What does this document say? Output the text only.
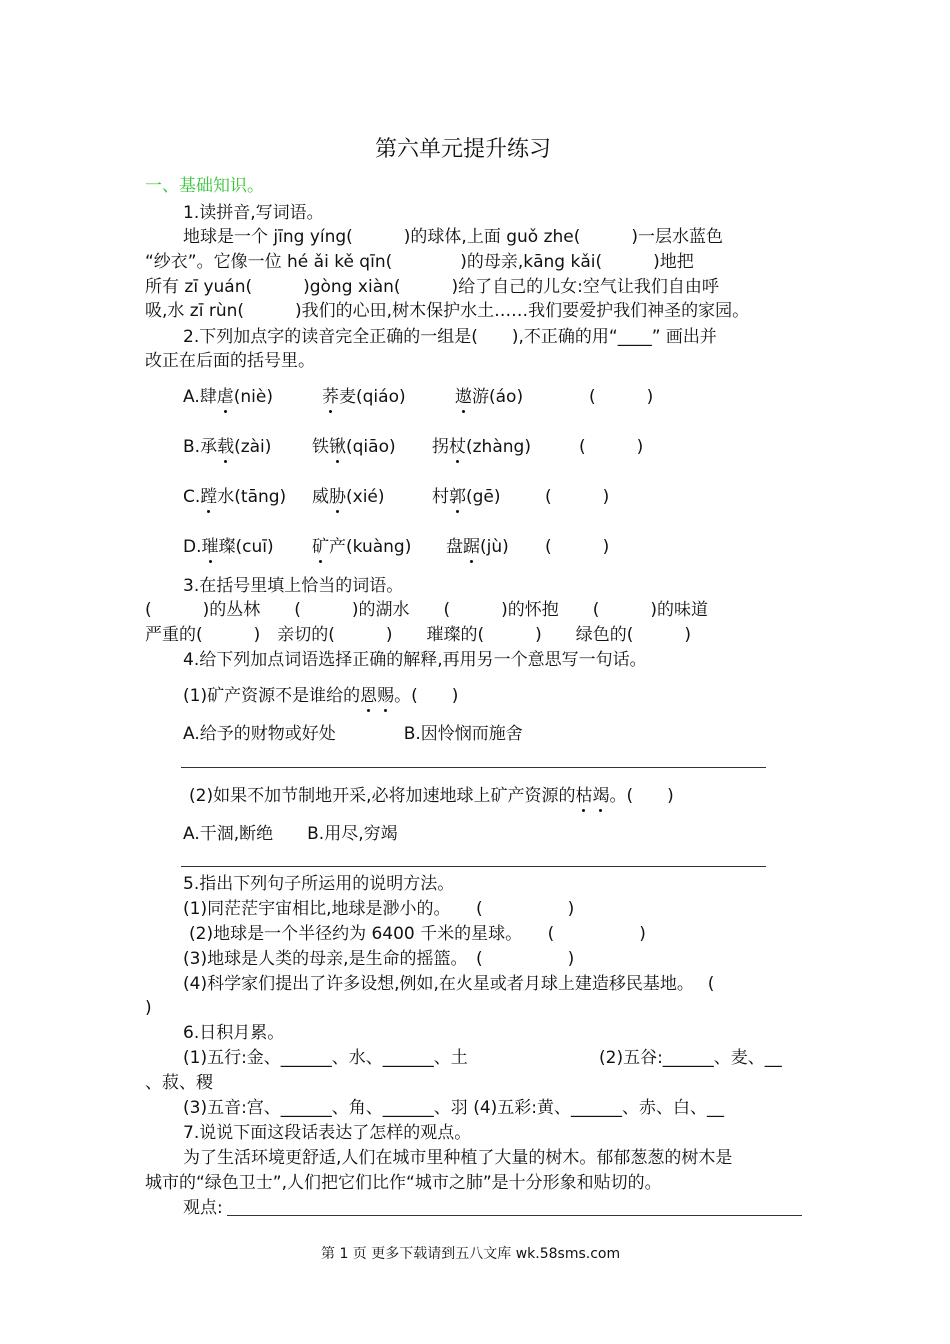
第六单元提升练习
一、基础知识。
1.读拼音,写词语。
地球是一个 jīng yíng(　　　)的球体,上面 guǒ zhe(　　　)一层水蓝色
“纱衣”。它像一位 hé ǎi kě qīn(　　　　)的母亲,kāng kǎi(　　　)地把
所有 zī yuán(　　　)gòng xiàn(　　　)给了自己的儿女:空气让我们自由呼
吸,水 zī rùn(　　　)我们的心田,树木保护水土……我们要爱护我们神圣的家园。
2.下列加点字的读音完全正确的一组是(　　),不正确的用“____” 画出并
改正在后面的括号里。
A.肆虐(niè)	荞麦(qiáo)	遨游(áo)	(　　　)
B.承载(zài) 铁锹(qiāo) 拐杖(zhàng)	(　　　)
C.蹚水(tāng) 威胁(xié)	村郭(gē)	(　　　)
D.璀璨(cuī) 矿产(kuàng) 盘踞(jù) (　　　)
3.在括号里填上恰当的词语。
(　　　)的丛林　　(　　　)的湖水　　(　　　)的怀抱　　(　　　)的味道
严重的(　　　)　亲切的(　　　)　　璀璨的(　　　)　　绿色的(　　　)
4.给下列加点词语选择正确的解释,再用另一个意思写一句话。
(1)矿产资源不是谁给的恩赐。(　　)
A.给予的财物或好处　　　　B.因怜悯而施舍
(2)如果不加节制地开采,必将加速地球上矿产资源的枯竭。(　　)
A.干涸,断绝　　B.用尽,穷竭
5.指出下列句子所运用的说明方法。
(1)同茫茫宇宙相比,地球是渺小的。　　(　　　　　)
(2)地球是一个半径约为 6400 千米的星球。　　(　　　　　)
(3)地球是人类的母亲,是生命的摇篮。　(　　　　　)
(4)科学家们提出了许多设想,例如,在火星或者月球上建造移民基地。　 (
)
6.日积月累。
(1)五行:金、______、水、______、土	(2)五谷:______、麦、__
、菽、稷
(3)五音:宫、______、角、______、羽 (4)五彩:黄、______、赤、白、__
7.说说下面这段话表达了怎样的观点。
为了生活环境更舒适,人们在城市里种植了大量的树木。郁郁葱葱的树木是
城市的“绿色卫士”,人们把它们比作“城市之肺”是十分形象和贴切的。
观点:
第 1 页 更多下载请到五八文库 wk.58sms.com
